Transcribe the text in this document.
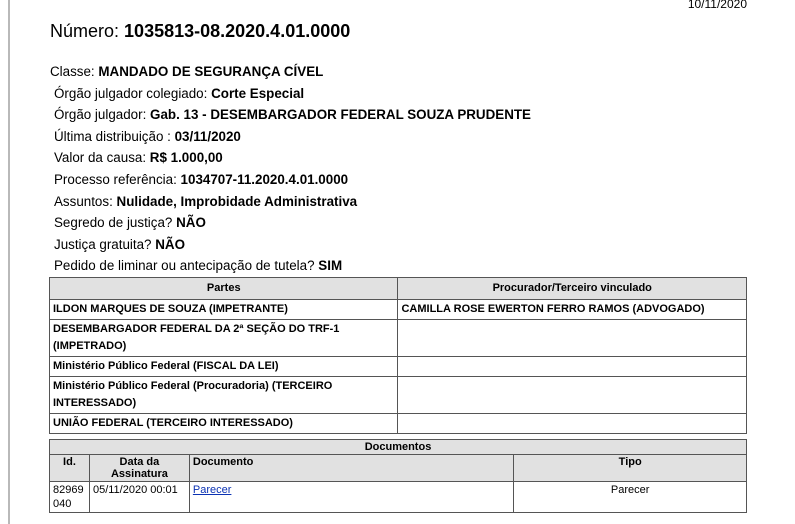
10/11/2020
Número: 1035813-08.2020.4.01.0000
Classe: MANDADO DE SEGURANÇA CÍVEL
Órgão julgador colegiado: Corte Especial
Órgão julgador: Gab. 13 - DESEMBARGADOR FEDERAL SOUZA PRUDENTE
Última distribuição : 03/11/2020
Valor da causa: R$ 1.000,00
Processo referência: 1034707-11.2020.4.01.0000
Assuntos: Nulidade, Improbidade Administrativa
Segredo de justiça? NÃO
Justiça gratuita? NÃO
Pedido de liminar ou antecipação de tutela? SIM
Partes	Procurador/Terceiro vinculado
ILDON MARQUES DE SOUZA (IMPETRANTE)	CAMILLA ROSE EWERTON FERRO RAMOS (ADVOGADO)
DESEMBARGADOR FEDERAL DA 2ª SEÇÃO DO TRF-1 (IMPETRADO)	
Ministério Público Federal (FISCAL DA LEI)	
Ministério Público Federal (Procuradoria) (TERCEIRO INTERESSADO)	
UNIÃO FEDERAL (TERCEIRO INTERESSADO)	
Documentos			
Id.	Data da Assinatura	Documento	Tipo
82969040	05/11/2020 00:01	Parecer	Parecer
